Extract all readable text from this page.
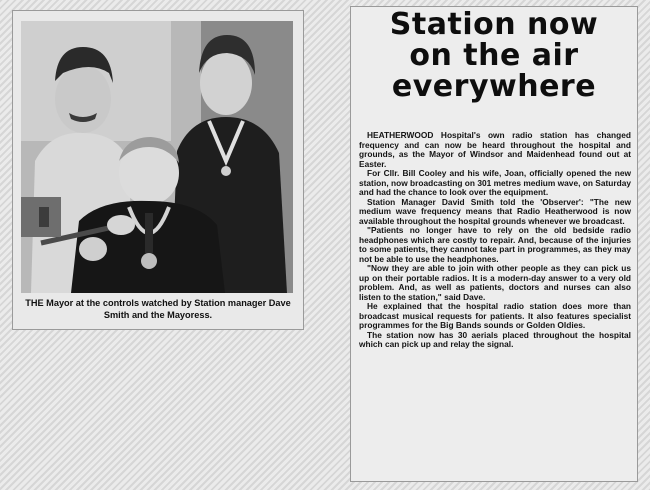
THE Mayor at the controls watched by Station manager Dave Smith and the Mayoress.
Station now
on the air
everywhere

HEATHERWOOD Hospital's own radio station has changed frequency and can now be heard throughout the hospital and grounds, as the Mayor of Windsor and Maidenhead found out at Easter.

For Cllr. Bill Cooley and his wife, Joan, officially opened the new station, now broadcasting on 301 metres medium wave, on Saturday and had the chance to look over the equipment.

Station Manager David Smith told the 'Observer': "The new medium wave frequency means that Radio Heatherwood is now available throughout the hospital grounds whenever we broadcast.

"Patients no longer have to rely on the old bedside radio headphones which are costly to repair. And, because of the injuries to some patients, they cannot take part in programmes, as they may not be able to use the headphones.

"Now they are able to join with other people as they can pick us up on their portable radios. It is a modern-day answer to a very old problem. And, as well as patients, doctors and nurses can also listen to the station," said Dave.

He explained that the hospital radio station does more than broadcast musical requests for patients. It also features specialist programmes for the Big Bands sounds or Golden Oldies.

The station now has 30 aerials placed throughout the hospital which can pick up and relay the signal.
